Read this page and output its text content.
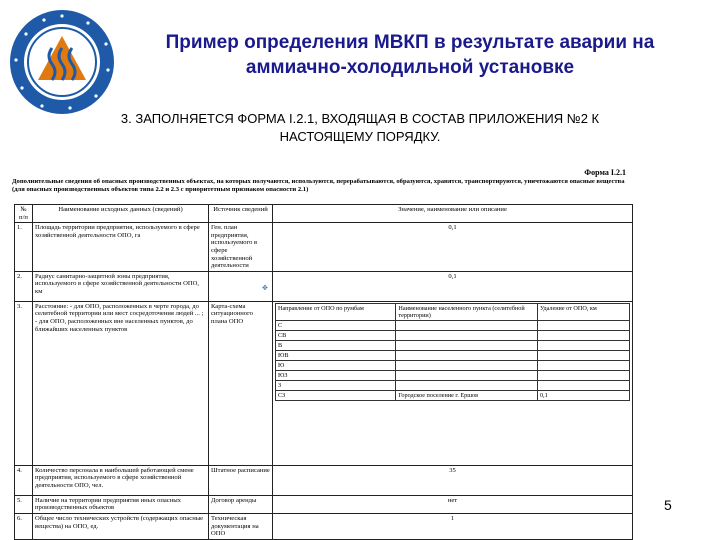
Пример определения МВКП в результате аварии на
аммиачно-холодильной установке
3. ЗАПОЛНЯЕТСЯ ФОРМА I.2.1, ВХОДЯЩАЯ В СОСТАВ ПРИЛОЖЕНИЯ №2 К
НАСТОЯЩЕМУ ПОРЯДКУ.
Форма I.2.1
Дополнительные сведения об опасных производственных объектах, на которых получаются, используются, перерабатываются, образуются, хранятся, транспортируются, уничтожаются опасные вещества (для опасных производственных объектов типа 2.2 и 2.3 с приоритетным признаком опасности 2.1)
№ п/п	Наименование исходных данных (сведений)	Источник сведений	Значение, наименование или описание
1.	Площадь территории предприятия, используемого в сфере хозяйственной деятельности ОПО, га	Ген. план предприятия, используемого в сфере хозяйственной деятельности	0,1
2.	Радиус санитарно-защитной зоны предприятия, используемого в сфере хозяйственной деятельности ОПО, км		0,1
3.	Расстояние: - для ОПО, расположенных в черте города, до селитебной территории или мест сосредоточения людей ... ; - для ОПО, расположенных вне населенных пунктов, до ближайших населенных пунктов	Карта-схема ситуационного плана ОПО	
Направление от ОПО по румбам	Наименование населенного пункта (селитебной территории)	Удаление от ОПО, км
С		
СВ		
В		
ЮВ		
Ю		
ЮЗ		
З		
СЗ	Городское поселение г. Ершов	0,1

4.	Количество персонала в наибольшей работающей смене предприятия, используемого в сфере хозяйственной деятельности ОПО, чел.	Штатное расписание	35
5.	Наличие на территории предприятия иных опасных производственных объектов	Договор аренды	нет
6.	Общее число технических устройств (содержащих опасные вещества) на ОПО, ед.	Техническая документация на ОПО	1
✥
5
